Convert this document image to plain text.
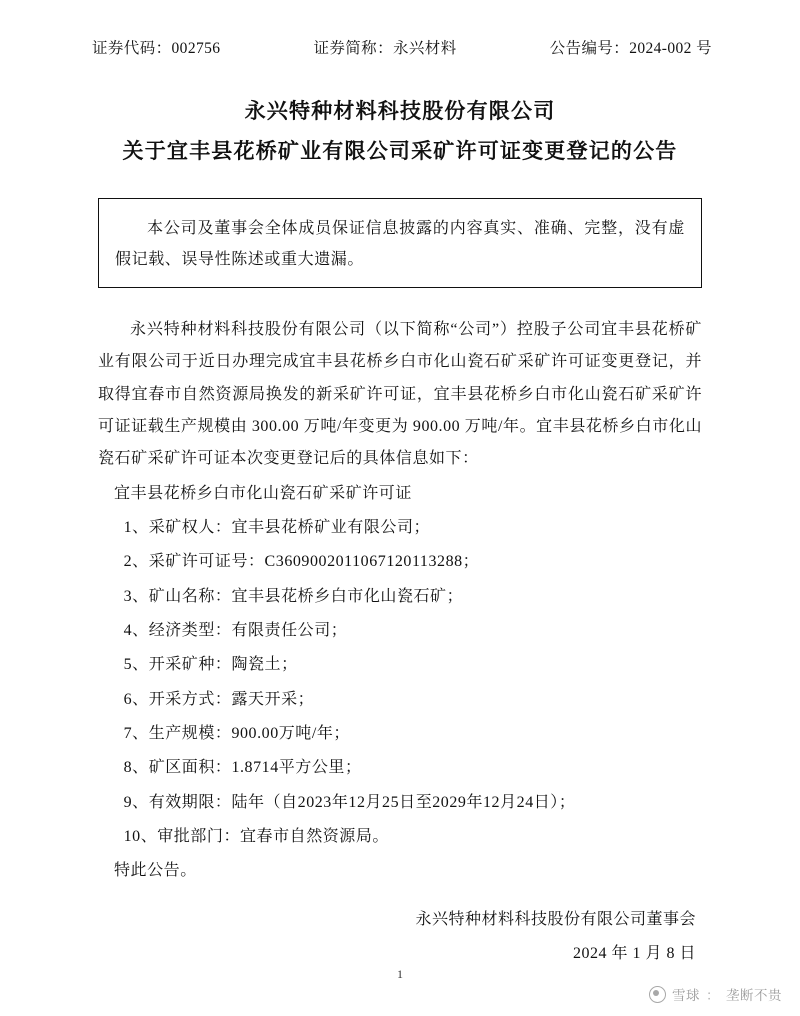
证券代码：002756	证券简称：永兴材料	公告编号：2024-002 号
永兴特种材料科技股份有限公司
关于宜丰县花桥矿业有限公司采矿许可证变更登记的公告

本公司及董事会全体成员保证信息披露的内容真实、准确、完整，没有虚假记载、误导性陈述或重大遗漏。

永兴特种材料科技股份有限公司（以下简称“公司”）控股子公司宜丰县花桥矿业有限公司于近日办理完成宜丰县花桥乡白市化山瓷石矿采矿许可证变更登记，并取得宜春市自然资源局换发的新采矿许可证，宜丰县花桥乡白市化山瓷石矿采矿许可证证载生产规模由 300.00 万吨/年变更为 900.00 万吨/年。宜丰县花桥乡白市化山瓷石矿采矿许可证本次变更登记后的具体信息如下：

宜丰县花桥乡白市化山瓷石矿采矿许可证

1、采矿权人：宜丰县花桥矿业有限公司；

2、采矿许可证号：C3609002011067120113288；

3、矿山名称：宜丰县花桥乡白市化山瓷石矿；

4、经济类型：有限责任公司；

5、开采矿种：陶瓷土；

6、开采方式：露天开采；

7、生产规模：900.00万吨/年；

8、矿区面积：1.8714平方公里；

9、有效期限：陆年（自2023年12月25日至2029年12月24日）；

10、审批部门：宜春市自然资源局。

特此公告。

永兴特种材料科技股份有限公司董事会
2024 年 1 月 8 日
1
雪球 ： 垄断不贵
